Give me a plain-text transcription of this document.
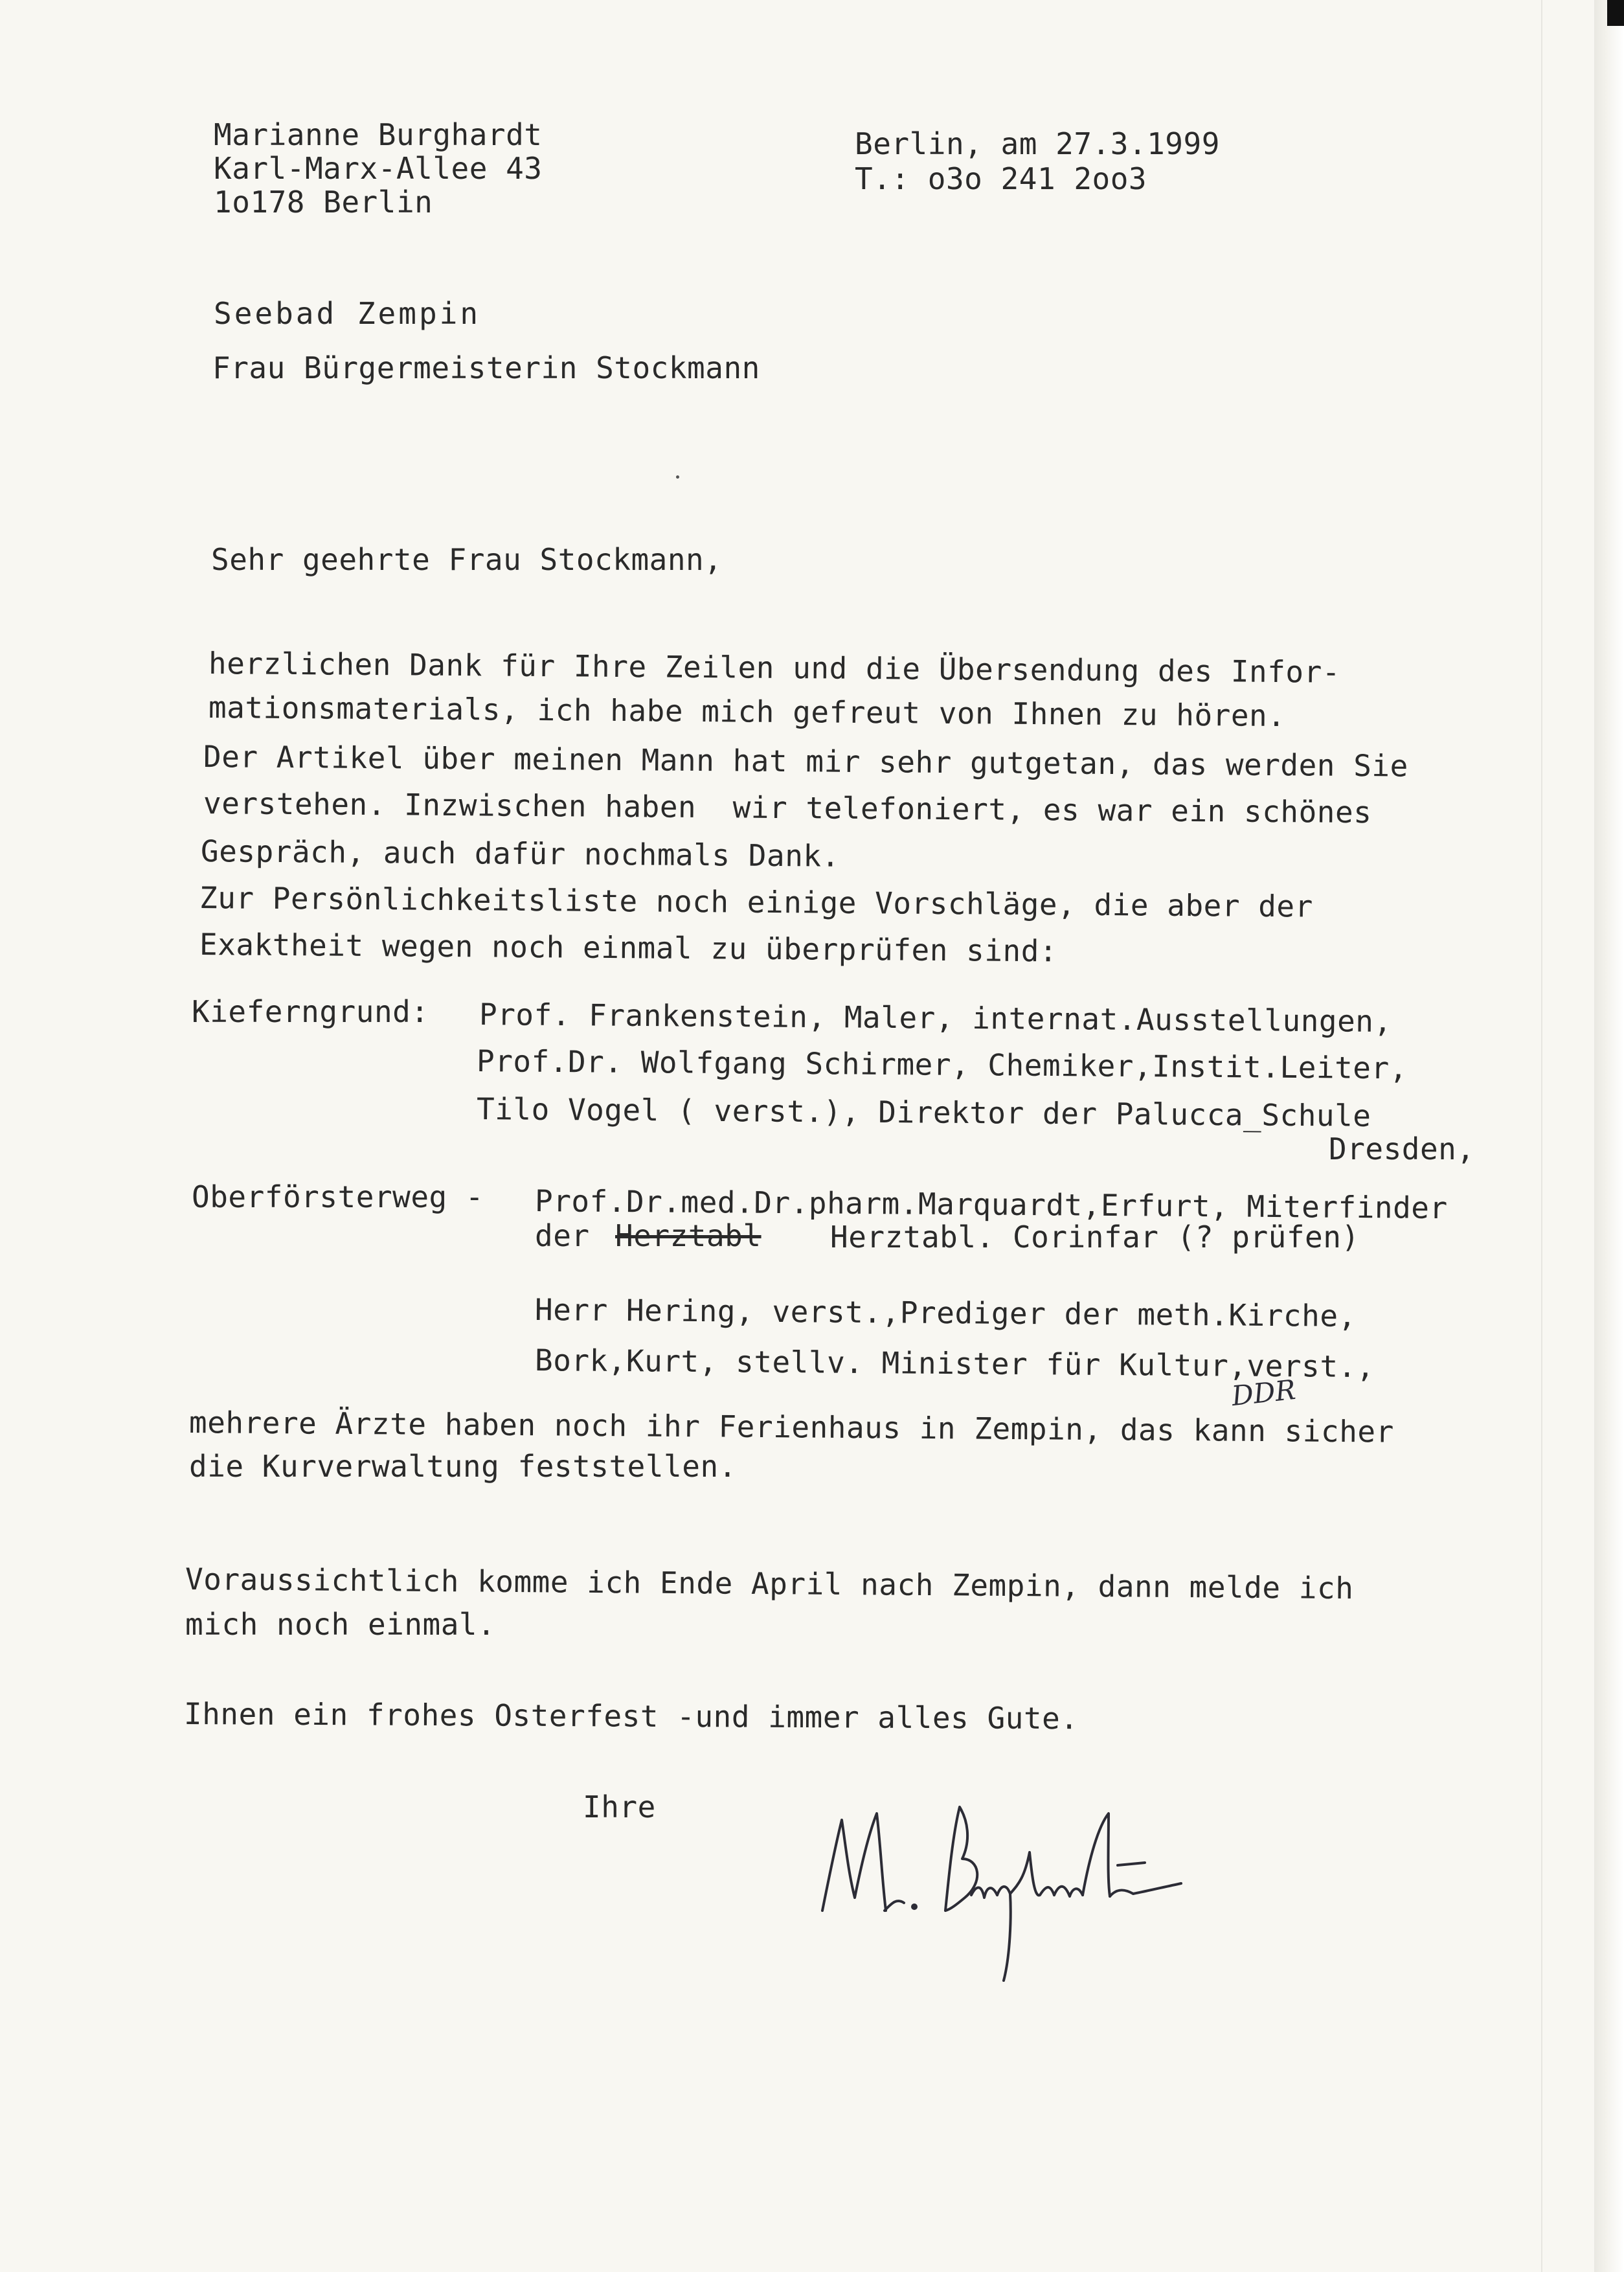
Marianne Burghardt

Karl-Marx-Allee 43

1o178 Berlin

Berlin, am 27.3.1999

T.: o3o 241 2oo3

Seebad Zempin

Frau Bürgermeisterin Stockmann

Sehr geehrte Frau Stockmann,

herzlichen Dank für Ihre Zeilen und die Übersendung des Infor-

mationsmaterials, ich habe mich gefreut von Ihnen zu hören.

Der Artikel über meinen Mann hat mir sehr gutgetan, das werden Sie

verstehen. Inzwischen haben  wir telefoniert, es war ein schönes

Gespräch, auch dafür nochmals Dank.

Zur Persönlichkeitsliste noch einige Vorschläge, die aber der

Exaktheit wegen noch einmal zu überprüfen sind:

Kieferngrund: Prof. Frankenstein, Maler, internat.Ausstellungen,

Prof.Dr. Wolfgang Schirmer, Chemiker,Instit.Leiter,

Tilo Vogel ( verst.), Direktor der Palucca_Schule

Dresden,

Oberförsterweg - Prof.Dr.med.Dr.pharm.Marquardt,Erfurt, Miterfinder

der Herztabl Herztabl. Corinfar (? prüfen)

Herr Hering, verst.,Prediger der meth.Kirche,

Bork,Kurt, stellv. Minister für Kultur,verst.,

DDR

mehrere Ärzte haben noch ihr Ferienhaus in Zempin, das kann sicher

die Kurverwaltung feststellen.

Voraussichtlich komme ich Ende April nach Zempin, dann melde ich

mich noch einmal.

Ihnen ein frohes Osterfest -und immer alles Gute.

Ihre
